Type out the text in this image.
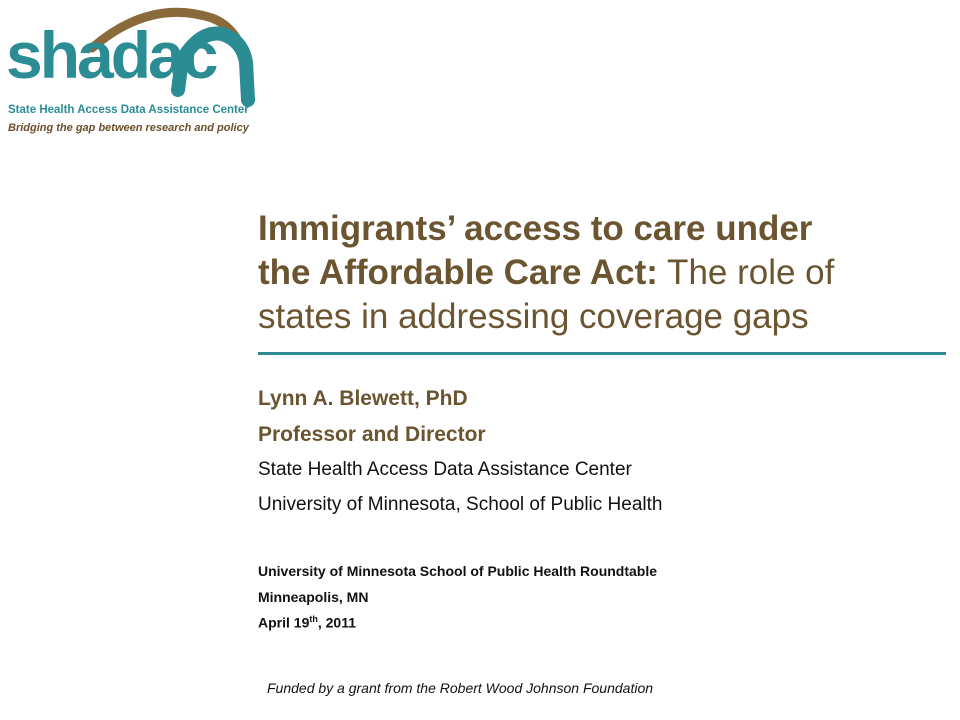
shadac
State Health Access Data Assistance Center
Bridging the gap between research and policy
Immigrants’ access to care under
the Affordable Care Act: The role of
states in addressing coverage gaps
Lynn A. Blewett, PhD
Professor and Director
State Health Access Data Assistance Center
University of Minnesota, School of Public Health
University of Minnesota School of Public Health Roundtable
Minneapolis, MN
April 19th, 2011
Funded by a grant from the Robert Wood Johnson Foundation
